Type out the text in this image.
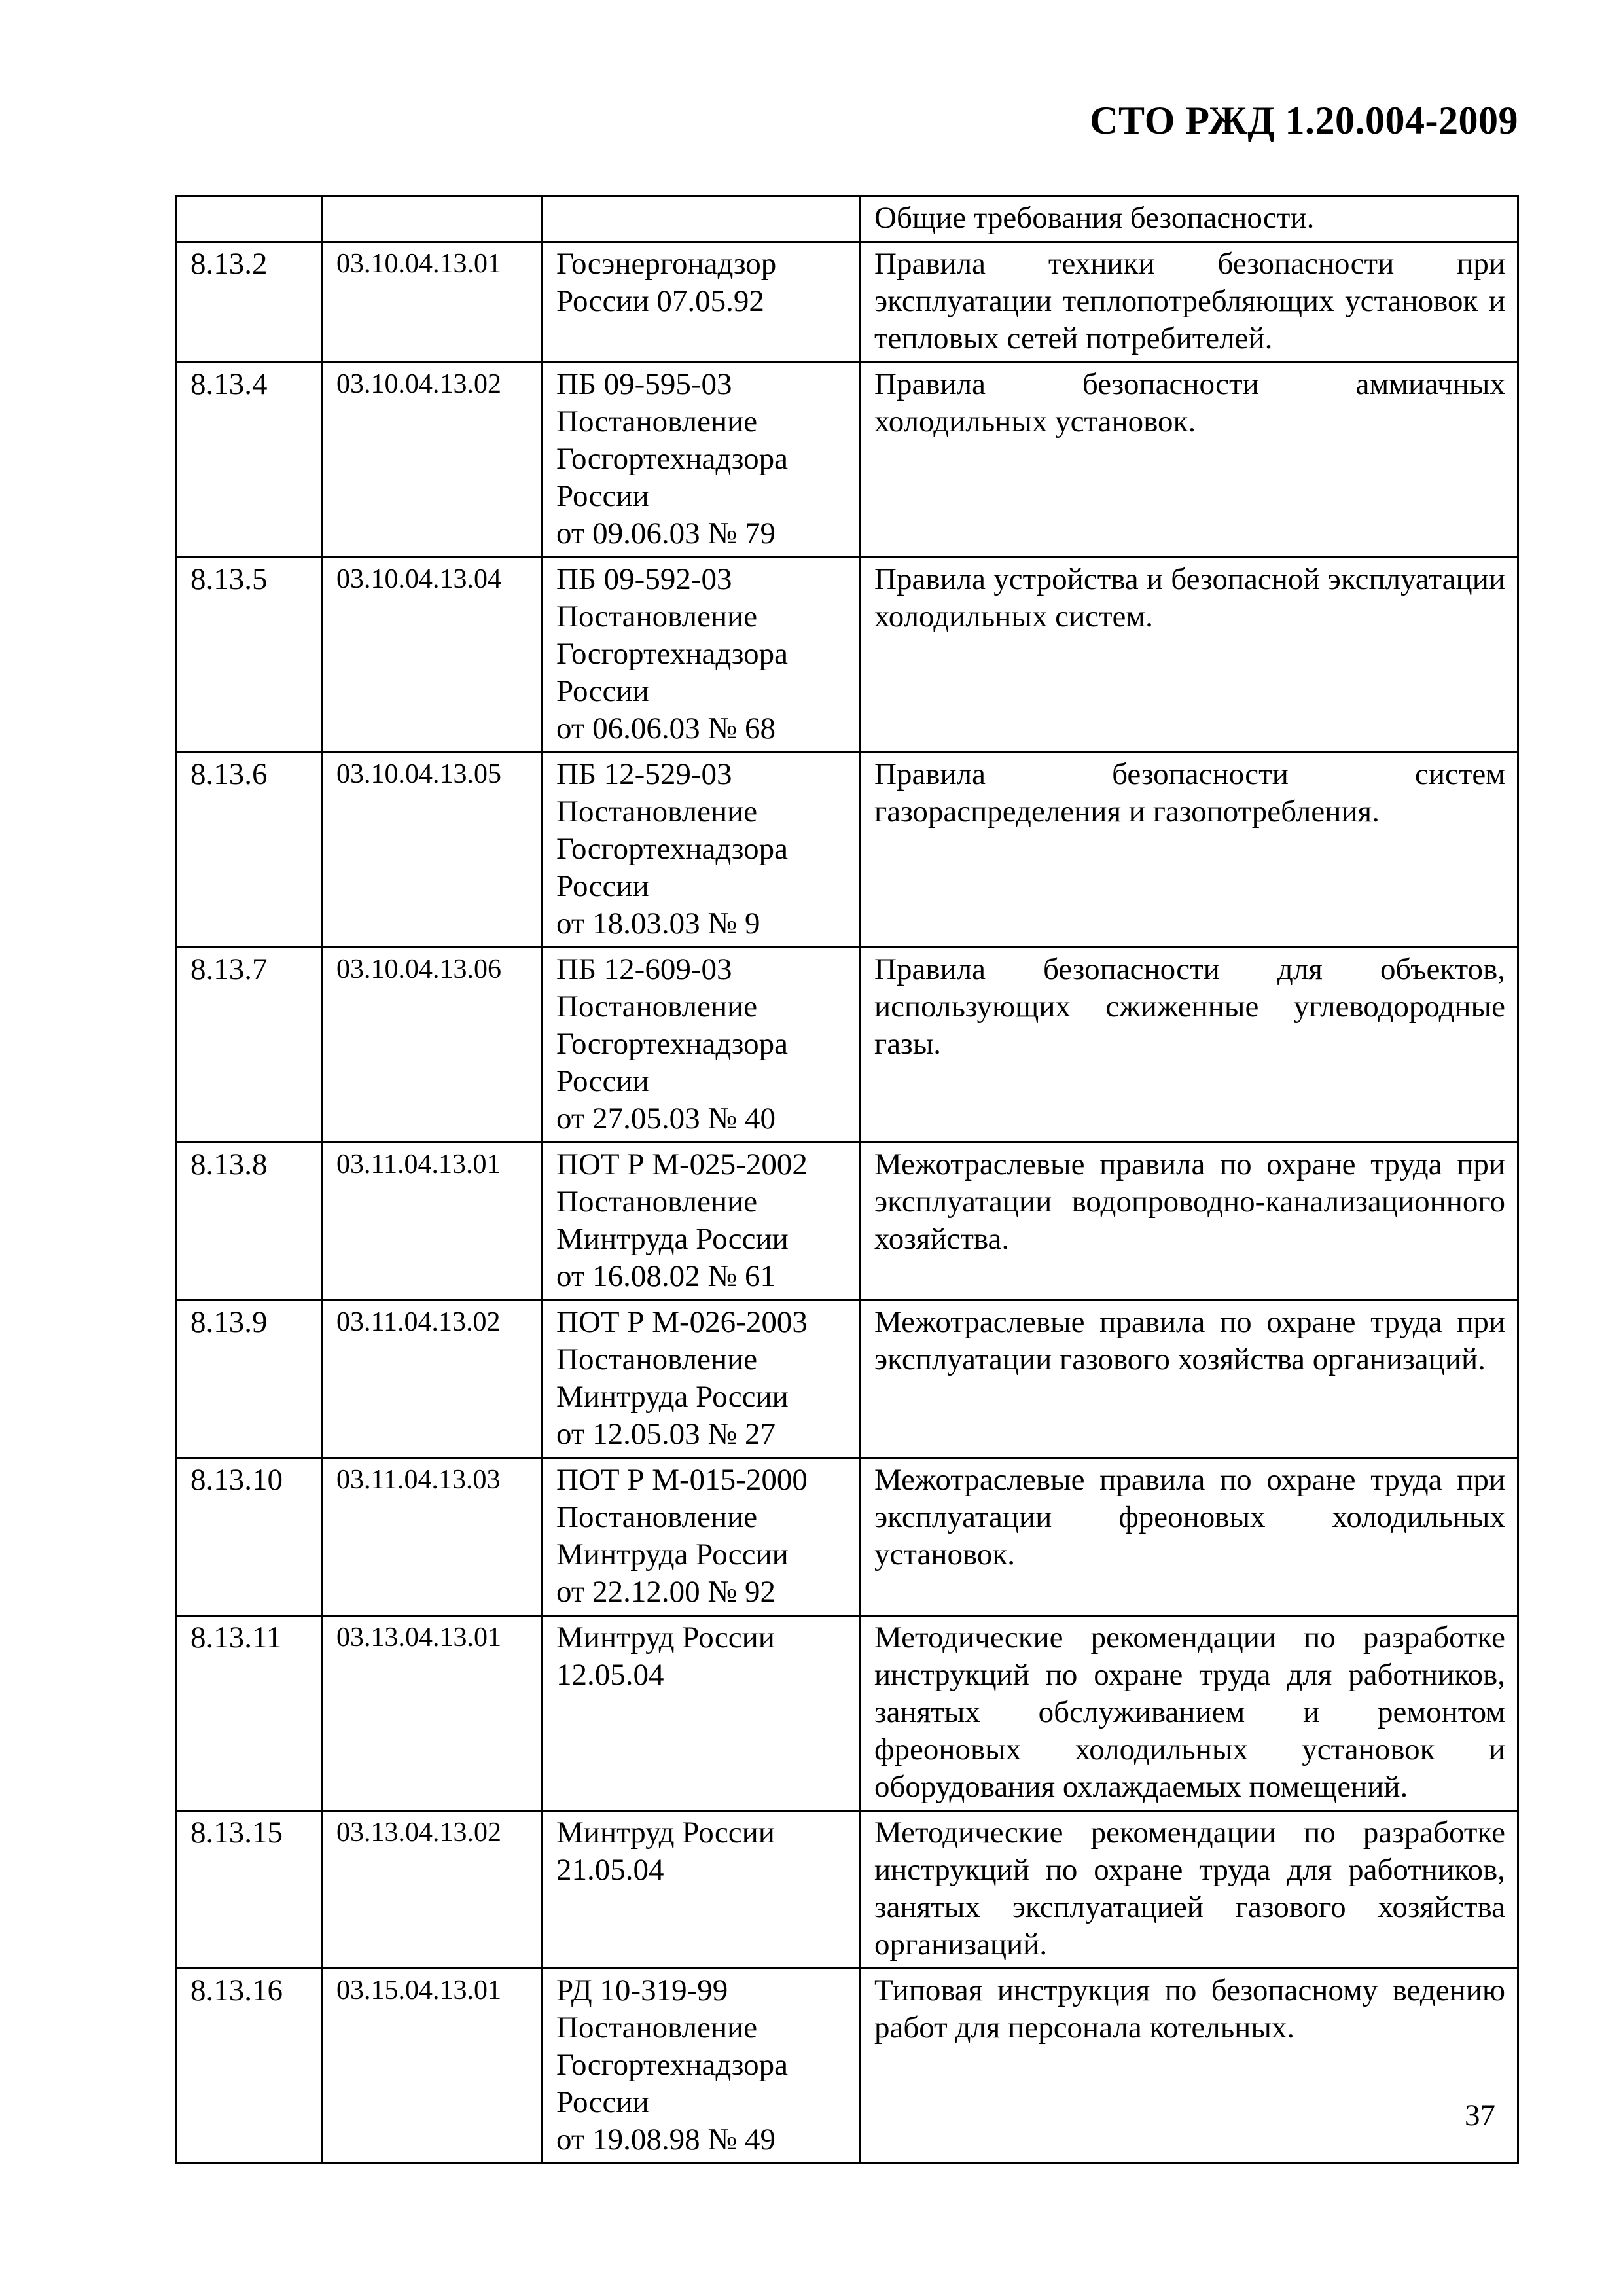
СТО РЖД 1.20.004-2009
			Общие требования безопасности.
8.13.2	03.10.04.13.01	Госэнергонадзор
России 07.05.92	Правила техники безопасности при эксплуатации теплопотребляющих установок и тепловых сетей потребителей.
8.13.4	03.10.04.13.02	ПБ 09-595-03
Постановление
Госгортехнадзора
России
от 09.06.03 № 79	Правила безопасности аммиачных холодильных установок.
8.13.5	03.10.04.13.04	ПБ 09-592-03
Постановление
Госгортехнадзора
России
от 06.06.03 № 68	Правила устройства и безопасной эксплуатации холодильных систем.
8.13.6	03.10.04.13.05	ПБ 12-529-03
Постановление
Госгортехнадзора
России
от 18.03.03 № 9	Правила безопасности систем газораспределения и газопотребления.
8.13.7	03.10.04.13.06	ПБ 12-609-03
Постановление
Госгортехнадзора
России
от 27.05.03 № 40	Правила безопасности для объектов, использующих сжиженные углеводородные газы.
8.13.8	03.11.04.13.01	ПОТ Р М-025-2002
Постановление
Минтруда России
от 16.08.02 № 61	Межотраслевые правила по охране труда при эксплуатации водопроводно-канализационного хозяйства.
8.13.9	03.11.04.13.02	ПОТ Р М-026-2003
Постановление
Минтруда России
от 12.05.03 № 27	Межотраслевые правила по охране труда при эксплуатации газового хозяйства организаций.
8.13.10	03.11.04.13.03	ПОТ Р М-015-2000
Постановление
Минтруда России
от 22.12.00 № 92	Межотраслевые правила по охране труда при эксплуатации фреоновых холодильных установок.
8.13.11	03.13.04.13.01	Минтруд России
12.05.04	Методические рекомендации по разработке инструкций по охране труда для работников, занятых обслуживанием и ремонтом фреоновых холодильных установок и оборудования охлаждаемых помещений.
8.13.15	03.13.04.13.02	Минтруд России
21.05.04	Методические рекомендации по разработке инструкций по охране труда для работников, занятых эксплуатацией газового хозяйства организаций.
8.13.16	03.15.04.13.01	РД 10-319-99
Постановление
Госгортехнадзора
России
от 19.08.98 № 49	Типовая инструкция по безопасному ведению работ для персонала котельных.
37
